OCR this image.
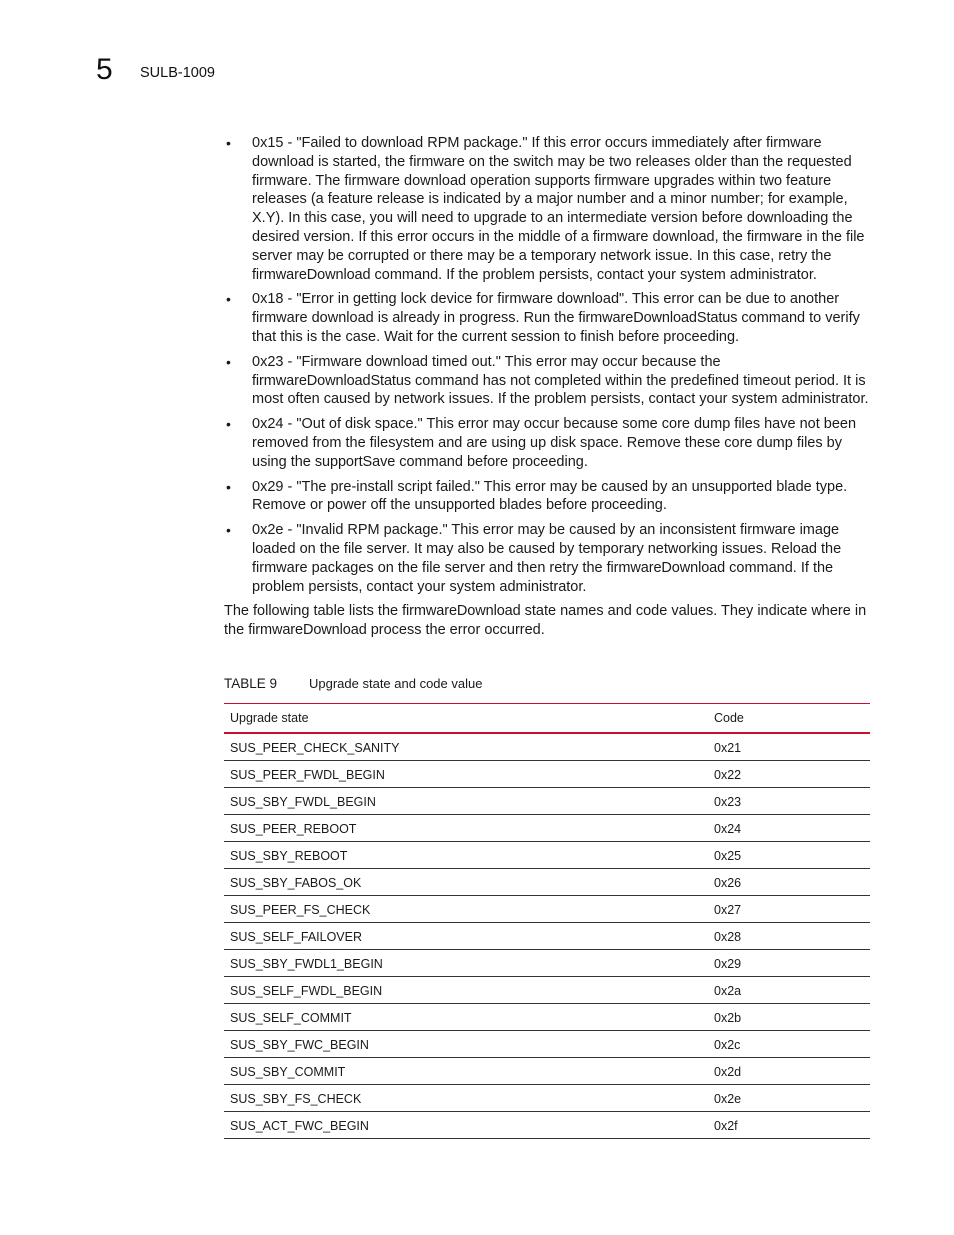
5 SULB-1009
• 0x15 - "Failed to download RPM package." If this error occurs immediately after firmware download is started, the firmware on the switch may be two releases older than the requested firmware. The firmware download operation supports firmware upgrades within two feature releases (a feature release is indicated by a major number and a minor number; for example, X.Y). In this case, you will need to upgrade to an intermediate version before downloading the desired version. If this error occurs in the middle of a firmware download, the firmware in the file server may be corrupted or there may be a temporary network issue. In this case, retry the firmwareDownload command. If the problem persists, contact your system administrator.
• 0x18 - "Error in getting lock device for firmware download". This error can be due to another firmware download is already in progress. Run the firmwareDownloadStatus command to verify that this is the case. Wait for the current session to finish before proceeding.
• 0x23 - "Firmware download timed out." This error may occur because the firmwareDownloadStatus command has not completed within the predefined timeout period. It is most often caused by network issues. If the problem persists, contact your system administrator.
• 0x24 - "Out of disk space." This error may occur because some core dump files have not been removed from the filesystem and are using up disk space. Remove these core dump files by using the supportSave command before proceeding.
• 0x29 - "The pre-install script failed." This error may be caused by an unsupported blade type. Remove or power off the unsupported blades before proceeding.
• 0x2e - "Invalid RPM package." This error may be caused by an inconsistent firmware image loaded on the file server. It may also be caused by temporary networking issues. Reload the firmware packages on the file server and then retry the firmwareDownload command. If the problem persists, contact your system administrator.

The following table lists the firmwareDownload state names and code values. They indicate where in the firmwareDownload process the error occurred.

TABLE 9 Upgrade state and code value
Upgrade state	Code
SUS_PEER_CHECK_SANITY	0x21
SUS_PEER_FWDL_BEGIN	0x22
SUS_SBY_FWDL_BEGIN	0x23
SUS_PEER_REBOOT	0x24
SUS_SBY_REBOOT	0x25
SUS_SBY_FABOS_OK	0x26
SUS_PEER_FS_CHECK	0x27
SUS_SELF_FAILOVER	0x28
SUS_SBY_FWDL1_BEGIN	0x29
SUS_SELF_FWDL_BEGIN	0x2a
SUS_SELF_COMMIT	0x2b
SUS_SBY_FWC_BEGIN	0x2c
SUS_SBY_COMMIT	0x2d
SUS_SBY_FS_CHECK	0x2e
SUS_ACT_FWC_BEGIN	0x2f
